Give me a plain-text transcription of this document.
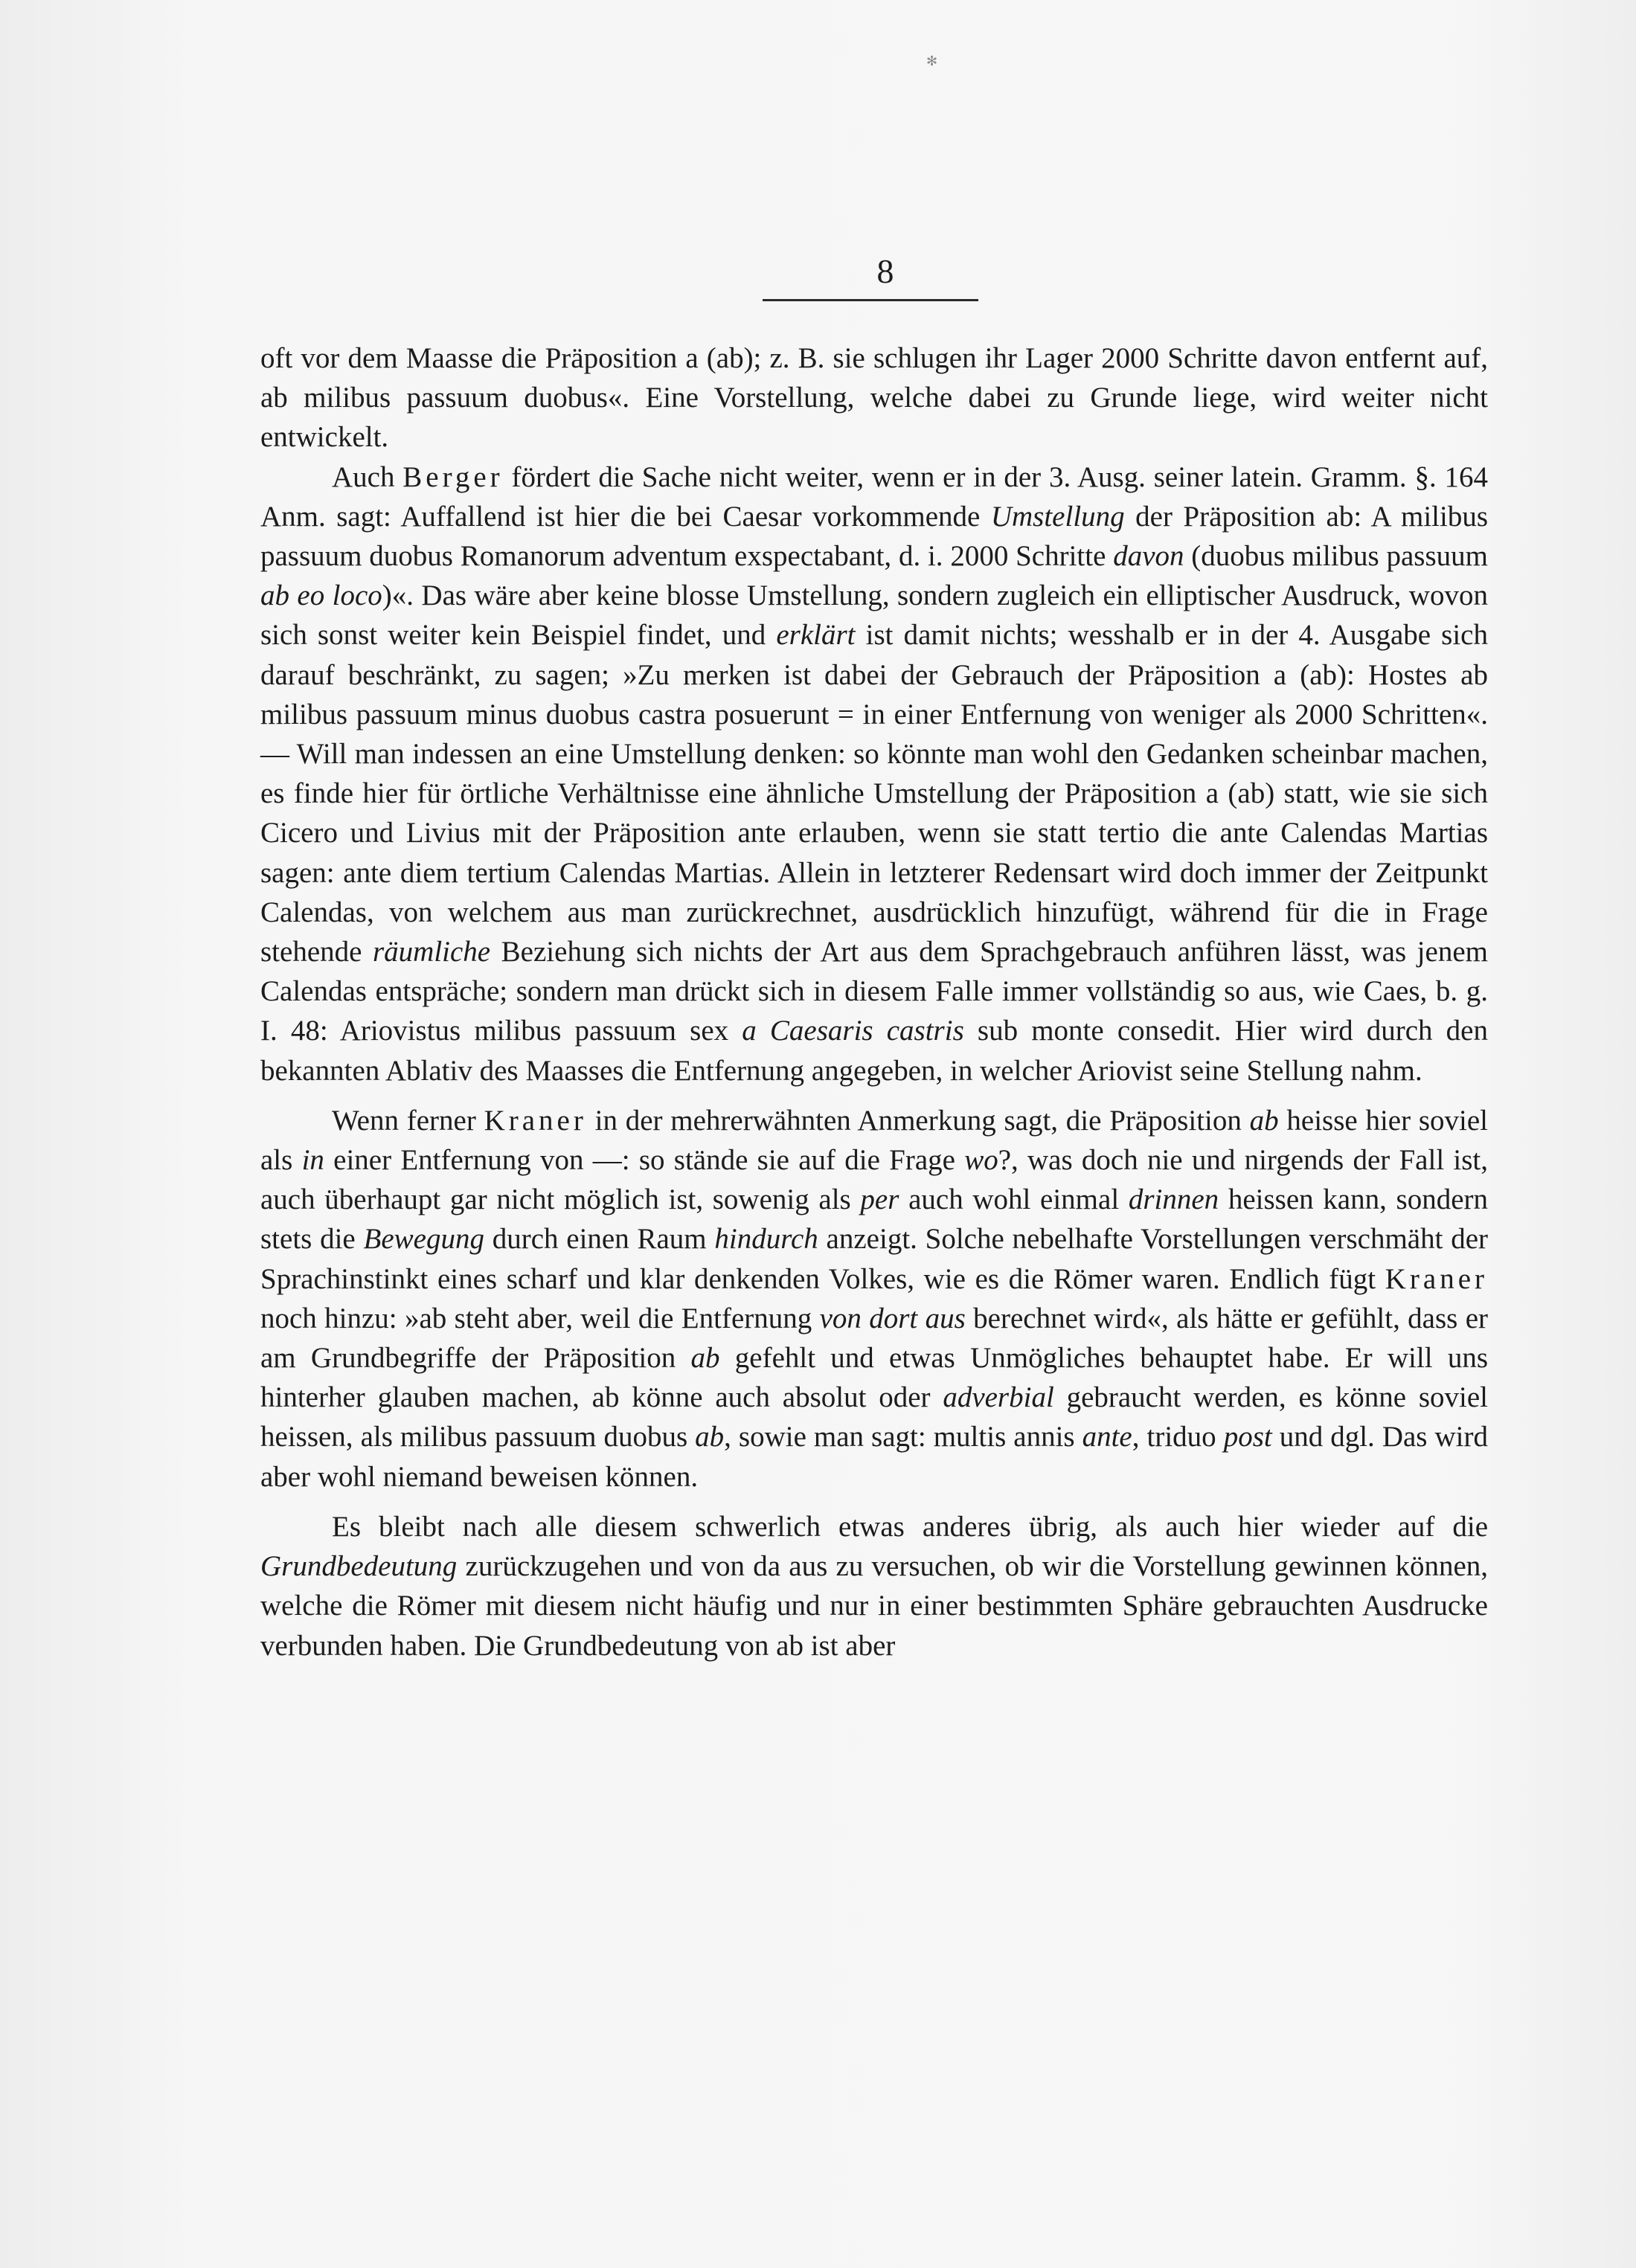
✻
8

oft vor dem Maasse die Präposition a (ab); z. B. sie schlugen ihr Lager 2000 Schritte davon entfernt auf, ab milibus passuum duobus«. Eine Vorstellung, welche dabei zu Grunde liege, wird weiter nicht entwickelt.

Auch Berger fördert die Sache nicht weiter, wenn er in der 3. Ausg. seiner latein. Gramm. §. 164 Anm. sagt: Auffallend ist hier die bei Caesar vorkommende Umstellung der Präposition ab: A milibus passuum duobus Romanorum adventum exspectabant, d. i. 2000 Schritte davon (duobus milibus passuum ab eo loco)«. Das wäre aber keine blosse Umstellung, sondern zugleich ein elliptischer Ausdruck, wovon sich sonst weiter kein Beispiel findet, und erklärt ist damit nichts; wesshalb er in der 4. Ausgabe sich darauf beschränkt, zu sagen; »Zu merken ist dabei der Gebrauch der Präposition a (ab): Hostes ab milibus passuum minus duobus castra posuerunt = in einer Entfernung von weniger als 2000 Schritten«. — Will man indessen an eine Umstellung denken: so könnte man wohl den Gedanken scheinbar machen, es finde hier für örtliche Verhältnisse eine ähnliche Umstellung der Präposition a (ab) statt, wie sie sich Cicero und Livius mit der Präposition ante erlauben, wenn sie statt tertio die ante Calendas Martias sagen: ante diem tertium Calendas Martias. Allein in letzterer Redensart wird doch immer der Zeitpunkt Calendas, von welchem aus man zurückrechnet, ausdrücklich hinzufügt, während für die in Frage stehende räumliche Beziehung sich nichts der Art aus dem Sprachgebrauch anführen lässt, was jenem Calendas entspräche; sondern man drückt sich in diesem Falle immer vollständig so aus, wie Caes, b. g. I. 48: Ariovistus milibus passuum sex a Caesaris castris sub monte consedit. Hier wird durch den bekannten Ablativ des Maasses die Entfernung angegeben, in welcher Ariovist seine Stellung nahm.

Wenn ferner Kraner in der mehrerwähnten Anmerkung sagt, die Präposition ab heisse hier soviel als in einer Entfernung von —: so stände sie auf die Frage wo?, was doch nie und nirgends der Fall ist, auch überhaupt gar nicht möglich ist, sowenig als per auch wohl einmal drinnen heissen kann, sondern stets die Bewegung durch einen Raum hindurch anzeigt. Solche nebelhafte Vorstellungen verschmäht der Sprachinstinkt eines scharf und klar denkenden Volkes, wie es die Römer waren. Endlich fügt Kraner noch hinzu: »ab steht aber, weil die Entfernung von dort aus berechnet wird«, als hätte er gefühlt, dass er am Grundbegriffe der Präposition ab gefehlt und etwas Unmögliches behauptet habe. Er will uns hinterher glauben machen, ab könne auch absolut oder adverbial gebraucht werden, es könne soviel heissen, als milibus passuum duobus ab, sowie man sagt: multis annis ante, triduo post und dgl. Das wird aber wohl niemand beweisen können.

Es bleibt nach alle diesem schwerlich etwas anderes übrig, als auch hier wieder auf die Grundbedeutung zurückzugehen und von da aus zu versuchen, ob wir die Vorstellung gewinnen können, welche die Römer mit diesem nicht häufig und nur in einer bestimmten Sphäre gebrauchten Ausdrucke verbunden haben. Die Grundbedeutung von ab ist aber
